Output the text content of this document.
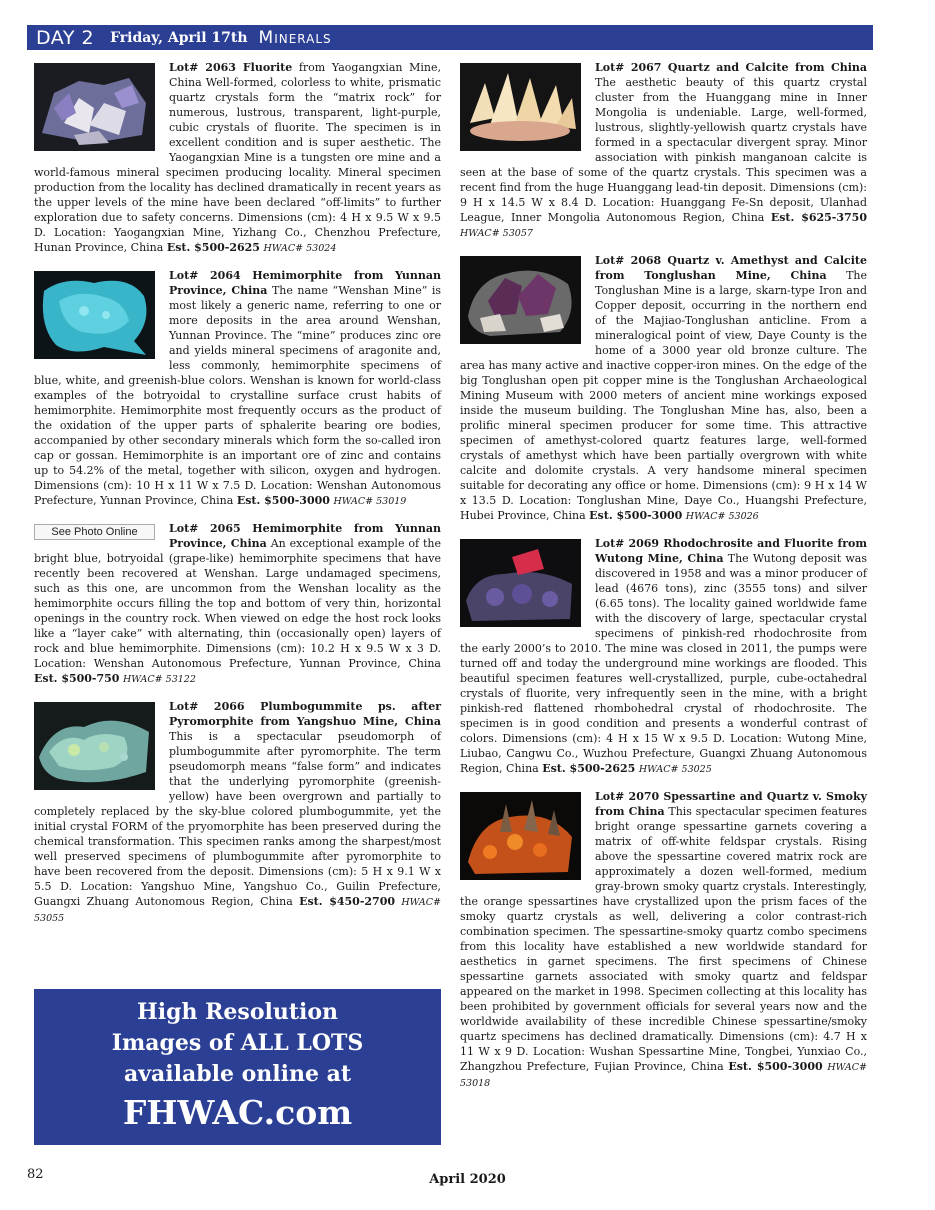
DAY 2 Friday, April 17th Minerals
Lot# 2063 Fluorite from Yaogangxian Mine, China Well-formed, colorless to white, prismatic quartz crystals form the “matrix rock” for numerous, lustrous, transparent, light-purple, cubic crystals of fluorite. The specimen is in excellent condition and is super aesthetic. The Yaogangxian Mine is a tungsten ore mine and a world-famous mineral specimen producing locality. Mineral specimen production from the locality has declined dramatically in recent years as the upper levels of the mine have been declared “off-limits” to further exploration due to safety concerns. Dimensions (cm): 4 H x 9.5 W x 9.5 D. Location: Yaogangxian Mine, Yizhang Co., Chenzhou Prefecture, Hunan Province, China Est. $500-2625 HWAC# 53024
Lot# 2064 Hemimorphite from Yunnan Province, China The name “Wenshan Mine” is most likely a generic name, referring to one or more deposits in the area around Wenshan, Yunnan Province. The “mine” produces zinc ore and yields mineral specimens of aragonite and, less commonly, hemimorphite specimens of blue, white, and greenish-blue colors. Wenshan is known for world-class examples of the botryoidal to crystalline surface crust habits of hemimorphite. Hemimorphite most frequently occurs as the product of the oxidation of the upper parts of sphalerite bearing ore bodies, accompanied by other secondary minerals which form the so-called iron cap or gossan. Hemimorphite is an important ore of zinc and contains up to 54.2% of the metal, together with silicon, oxygen and hydrogen. Dimensions (cm): 10 H x 11 W x 7.5 D. Location: Wenshan Autonomous Prefecture, Yunnan Province, China Est. $500-3000 HWAC# 53019
See Photo Online	Lot# 2065 Hemimorphite from Yunnan Province, China An exceptional example of the bright blue, botryoidal (grape-like) hemimorphite specimens that have recently been recovered at Wenshan. Large undamaged specimens, such as this one, are uncommon from the Wenshan locality as the hemimorphite occurs filling the top and bottom of very thin, horizontal openings in the country rock. When viewed on edge the host rock looks like a “layer cake” with alternating, thin (occasionally open) layers of rock and blue hemimorphite. Dimensions (cm): 10.2 H x 9.5 W x 3 D. Location: Wenshan Autonomous Prefecture, Yunnan Province, China Est. $500-750 HWAC# 53122
Lot# 2066 Plumbogummite ps. after Pyromorphite from Yangshuo Mine, China This is a spectacular pseudomorph of plumbogummite after pyromorphite. The term pseudomorph means “false form” and indicates that the underlying pyromorphite (greenish-yellow) have been overgrown and partially to completely replaced by the sky-blue colored plumbogummite, yet the initial crystal FORM of the pryomorphite has been preserved during the chemical transformation. This specimen ranks among the sharpest/most well preserved specimens of plumbogummite after pyromorphite to have been recovered from the deposit. Dimensions (cm): 5 H x 9.1 W x 5.5 D. Location: Yangshuo Mine, Yangshuo Co., Guilin Prefecture, Guangxi Zhuang Autonomous Region, China Est. $450-2700 HWAC# 53055
Lot# 2067 Quartz and Calcite from China The aesthetic beauty of this quartz crystal cluster from the Huanggang mine in Inner Mongolia is undeniable. Large, well-formed, lustrous, slightly-yellowish quartz crystals have formed in a spectacular divergent spray. Minor association with pinkish manganoan calcite is seen at the base of some of the quartz crystals. This specimen was a recent find from the huge Huanggang lead-tin deposit. Dimensions (cm): 9 H x 14.5 W x 8.4 D. Location: Huanggang Fe-Sn deposit, Ulanhad League, Inner Mongolia Autonomous Region, China Est. $625-3750 HWAC# 53057
Lot# 2068 Quartz v. Amethyst and Calcite from Tonglushan Mine, China The Tonglushan Mine is a large, skarn-type Iron and Copper deposit, occurring in the northern end of the Majiao-Tonglushan anticline. From a mineralogical point of view, Daye County is the home of a 3000 year old bronze culture. The area has many active and inactive copper-iron mines. On the edge of the big Tonglushan open pit copper mine is the Tonglushan Archaeological Mining Museum with 2000 meters of ancient mine workings exposed inside the museum building. The Tonglushan Mine has, also, been a prolific mineral specimen producer for some time. This attractive specimen of amethyst-colored quartz features large, well-formed crystals of amethyst which have been partially overgrown with white calcite and dolomite crystals. A very handsome mineral specimen suitable for decorating any office or home. Dimensions (cm): 9 H x 14 W x 13.5 D. Location: Tonglushan Mine, Daye Co., Huangshi Prefecture, Hubei Province, China Est. $500-3000 HWAC# 53026
Lot# 2069 Rhodochrosite and Fluorite from Wutong Mine, China The Wutong deposit was discovered in 1958 and was a minor producer of lead (4676 tons), zinc (3555 tons) and silver (6.65 tons). The locality gained worldwide fame with the discovery of large, spectacular crystal specimens of pinkish-red rhodochrosite from the early 2000’s to 2010. The mine was closed in 2011, the pumps were turned off and today the underground mine workings are flooded. This beautiful specimen features well-crystallized, purple, cube-octahedral crystals of fluorite, very infrequently seen in the mine, with a bright pinkish-red flattened rhombohedral crystal of rhodochrosite. The specimen is in good condition and presents a wonderful contrast of colors. Dimensions (cm): 4 H x 15 W x 9.5 D. Location: Wutong Mine, Liubao, Cangwu Co., Wuzhou Prefecture, Guangxi Zhuang Autonomous Region, China Est. $500-2625 HWAC# 53025
Lot# 2070 Spessartine and Quartz v. Smoky from China This spectacular specimen features bright orange spessartine garnets covering a matrix of off-white feldspar crystals. Rising above the spessartine covered matrix rock are approximately a dozen well-formed, medium gray-brown smoky quartz crystals. Interestingly, the orange spessartines have crystallized upon the prism faces of the smoky quartz crystals as well, delivering a color contrast-rich combination specimen. The spessartine-smoky quartz combo specimens from this locality have established a new worldwide standard for aesthetics in garnet specimens. The first specimens of Chinese spessartine garnets associated with smoky quartz and feldspar appeared on the market in 1998. Specimen collecting at this locality has been prohibited by government officials for several years now and the worldwide availability of these incredible Chinese spessartine/smoky quartz specimens has declined dramatically. Dimensions (cm): 4.7 H x 11 W x 9 D. Location: Wushan Spessartine Mine, Tongbei, Yunxiao Co., Zhangzhou Prefecture, Fujian Province, China Est. $500-3000 HWAC# 53018
High Resolution
Images of ALL LOTS
available online at
FHWAC.com
82	April 2020
